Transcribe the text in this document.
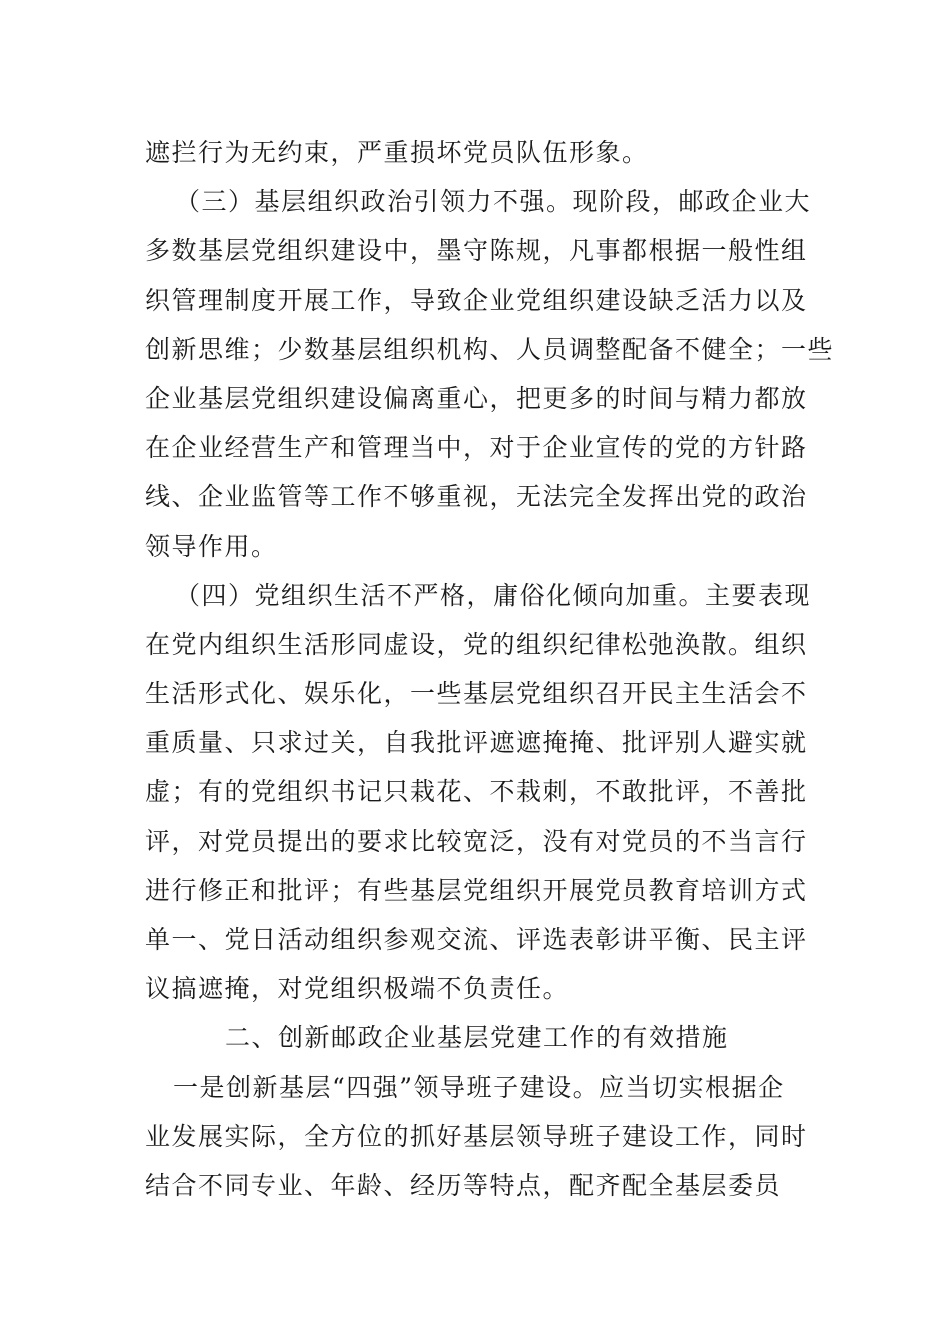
遮拦行为无约束，严重损坏党员队伍形象。
（三）基层组织政治引领力不强。现阶段，邮政企业大
多数基层党组织建设中，墨守陈规，凡事都根据一般性组
织管理制度开展工作，导致企业党组织建设缺乏活力以及
创新思维；少数基层组织机构、人员调整配备不健全；一些
企业基层党组织建设偏离重心，把更多的时间与精力都放
在企业经营生产和管理当中，对于企业宣传的党的方针路
线、企业监管等工作不够重视，无法完全发挥出党的政治
领导作用。
（四）党组织生活不严格，庸俗化倾向加重。主要表现
在党内组织生活形同虚设，党的组织纪律松弛涣散。组织
生活形式化、娱乐化，一些基层党组织召开民主生活会不
重质量、只求过关，自我批评遮遮掩掩、批评别人避实就
虚；有的党组织书记只栽花、不栽刺，不敢批评，不善批
评，对党员提出的要求比较宽泛，没有对党员的不当言行
进行修正和批评；有些基层党组织开展党员教育培训方式
单一、党日活动组织参观交流、评选表彰讲平衡、民主评
议搞遮掩，对党组织极端不负责任。
二、创新邮政企业基层党建工作的有效措施
一是创新基层“四强”领导班子建设。应当切实根据企
业发展实际，全方位的抓好基层领导班子建设工作，同时
结合不同专业、年龄、经历等特点，配齐配全基层委员
